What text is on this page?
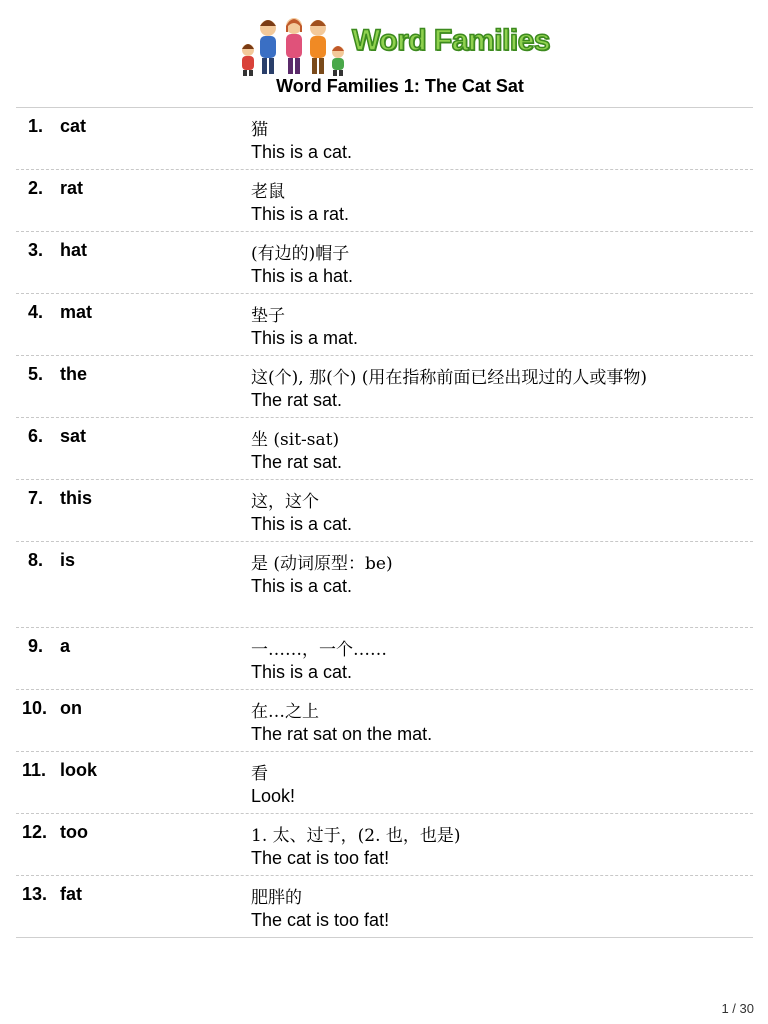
Word Families
Word Families 1: The Cat Sat
1. cat	猫
This is a cat.
2. rat	老鼠
This is a rat.
3. hat	(有边的)帽子
This is a hat.
4. mat	垫子
This is a mat.
5. the	这(个), 那(个) (用在指称前面已经出现过的人或事物)
The rat sat.
6. sat	坐 (sit-sat)
The rat sat.
7. this	这，这个
This is a cat.
8. is	是 (动词原型：be)
This is a cat.
9. a	一……，一个……
This is a cat.
10. on	在…之上
The rat sat on the mat.
11. look	看
Look!
12. too	1. 太、过于，(2. 也，也是)
The cat is too fat!
13. fat	肥胖的
The cat is too fat!
1 / 30
